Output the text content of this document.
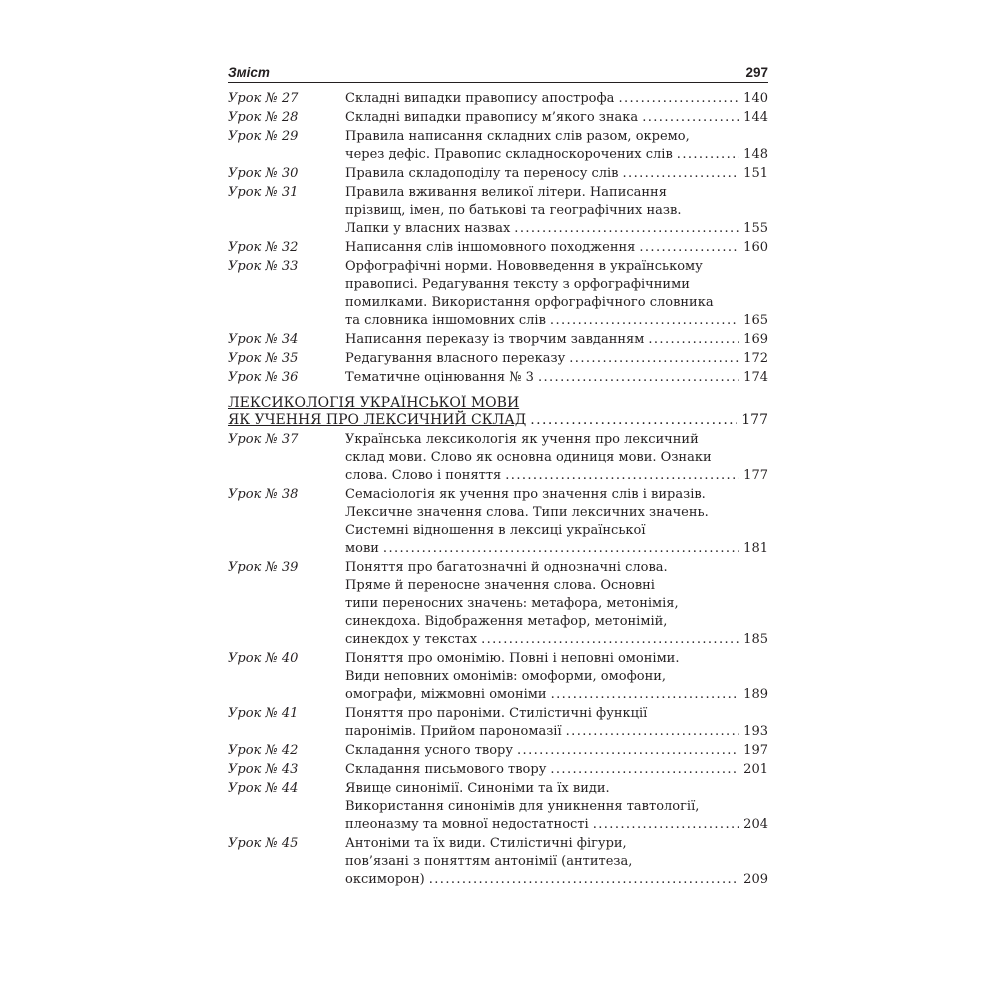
Зміст	297
Урок № 27	Складні випадки правопису апострофа .....	140
Урок № 28	Складні випадки правопису м’якого знака .....	144
Урок № 29	Правила написання складних слів разом, окремо,
через дефіс. Правопис складноскорочених слів .....	148
Урок № 30	Правила складоподілу та переносу слів .....	151
Урок № 31	Правила вживання великої літери. Написання
прізвищ, імен, по батькові та географічних назв.
Лапки у власних назвах .....	155
Урок № 32	Написання слів іншомовного походження .....	160
Урок № 33	Орфографічні норми. Нововведення в українському
правописі. Редагування тексту з орфографічними
помилками. Використання орфографічного словника
та словника іншомовних слів .....	165
Урок № 34	Написання переказу із творчим завданням .....	169
Урок № 35	Редагування власного переказу .....	172
Урок № 36	Тематичне оцінювання № 3 .....	174
ЛЕКСИКОЛОГІЯ УКРАЇНСЬКОЇ МОВИ
ЯК УЧЕННЯ ПРО ЛЕКСИЧНИЙ СКЛАД .....	177
Урок № 37	Українська лексикологія як учення про лексичний
склад мови. Слово як основна одиниця мови. Ознаки
слова. Слово і поняття .....	177
Урок № 38	Семасіологія як учення про значення слів і виразів.
Лексичне значення слова. Типи лексичних значень.
Системні відношення в лексиці української
мови .....	181
Урок № 39	Поняття про багатозначні й однозначні слова.
Пряме й переносне значення слова. Основні
типи переносних значень: метафора, метонімія,
синекдоха. Відображення метафор, метонімій,
синекдох у текстах .....	185
Урок № 40	Поняття про омонімію. Повні і неповні омоніми.
Види неповних омонімів: омоформи, омофони,
омографи, міжмовні омоніми .....	189
Урок № 41	Поняття про пароніми. Стилістичні функції
паронімів. Прийом парономазії .....	193
Урок № 42	Складання усного твору .....	197
Урок № 43	Складання письмового твору .....	201
Урок № 44	Явище синонімії. Синоніми та їх види.
Використання синонімів для уникнення тавтології,
плеоназму та мовної недостатності .....	204
Урок № 45	Антоніми та їх види. Стилістичні фігури,
пов’язані з поняттям антонімії (антитеза,
оксиморон) .....	209
